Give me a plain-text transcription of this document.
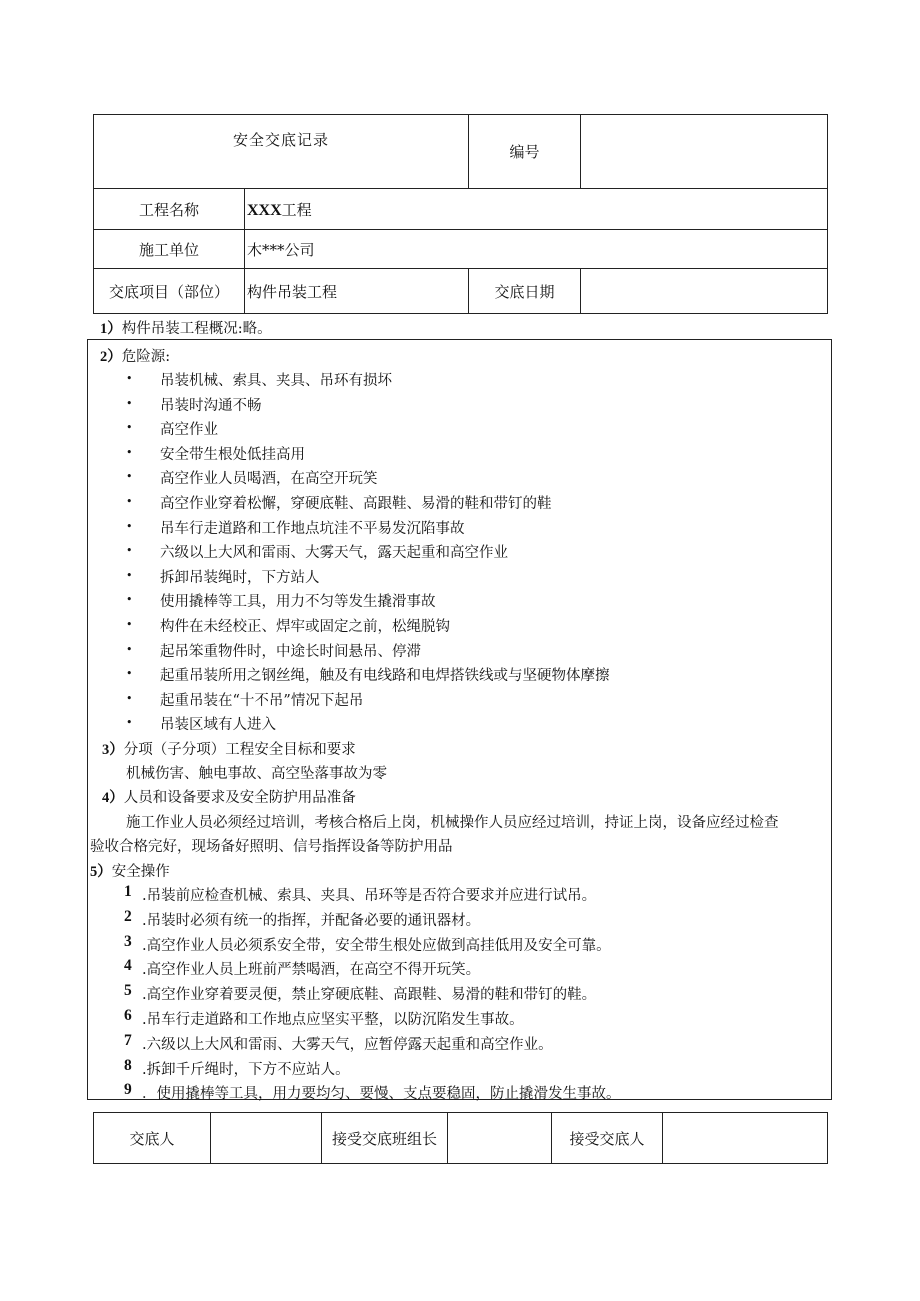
安全交底记录		编号	
工程名称	XXX工程		
施工单位	木***公司		
交底项目（部位）	构件吊装工程	交底日期	
1）构件吊装工程概况:略。
2）危险源:
• 吊装机械、索具、夹具、吊环有损坏
• 吊装时沟通不畅
• 高空作业
• 安全带生根处低挂高用
• 高空作业人员喝酒，在高空开玩笑
• 高空作业穿着松懈，穿硬底鞋、高跟鞋、易滑的鞋和带钉的鞋
• 吊车行走道路和工作地点坑洼不平易发沉陷事故
• 六级以上大风和雷雨、大雾天气，露天起重和高空作业
• 拆卸吊装绳时，下方站人
• 使用撬棒等工具，用力不匀等发生撬滑事故
• 构件在未经校正、焊牢或固定之前，松绳脱钩
• 起吊笨重物件时，中途长时间悬吊、停滞
• 起重吊装所用之钢丝绳，触及有电线路和电焊搭铁线或与坚硬物体摩擦
• 起重吊装在“十不吊”情况下起吊
• 吊装区域有人进入
3）分项（子分项）工程安全目标和要求
机械伤害、触电事故、高空坠落事故为零
4）人员和设备要求及安全防护用品准备
施工作业人员必须经过培训，考核合格后上岗，机械操作人员应经过培训，持证上岗，设备应经过检查
验收合格完好，现场备好照明、信号指挥设备等防护用品
5）安全操作
1 .吊装前应检查机械、索具、夹具、吊环等是否符合要求并应进行试吊。
2 .吊装时必须有统一的指挥，并配备必要的通讯器材。
3 .高空作业人员必须系安全带，安全带生根处应做到高挂低用及安全可靠。
4 .高空作业人员上班前严禁喝酒，在高空不得开玩笑。
5 .高空作业穿着要灵便，禁止穿硬底鞋、高跟鞋、易滑的鞋和带钉的鞋。
6 .吊车行走道路和工作地点应坚实平整，以防沉陷发生事故。
7 .六级以上大风和雷雨、大雾天气，应暂停露天起重和高空作业。
8 .拆卸千斤绳时，下方不应站人。
9 ．使用撬棒等工具，用力要均匀、要慢、支点要稳固，防止撬滑发生事故。
交底人		接受交底班组长		接受交底人	
